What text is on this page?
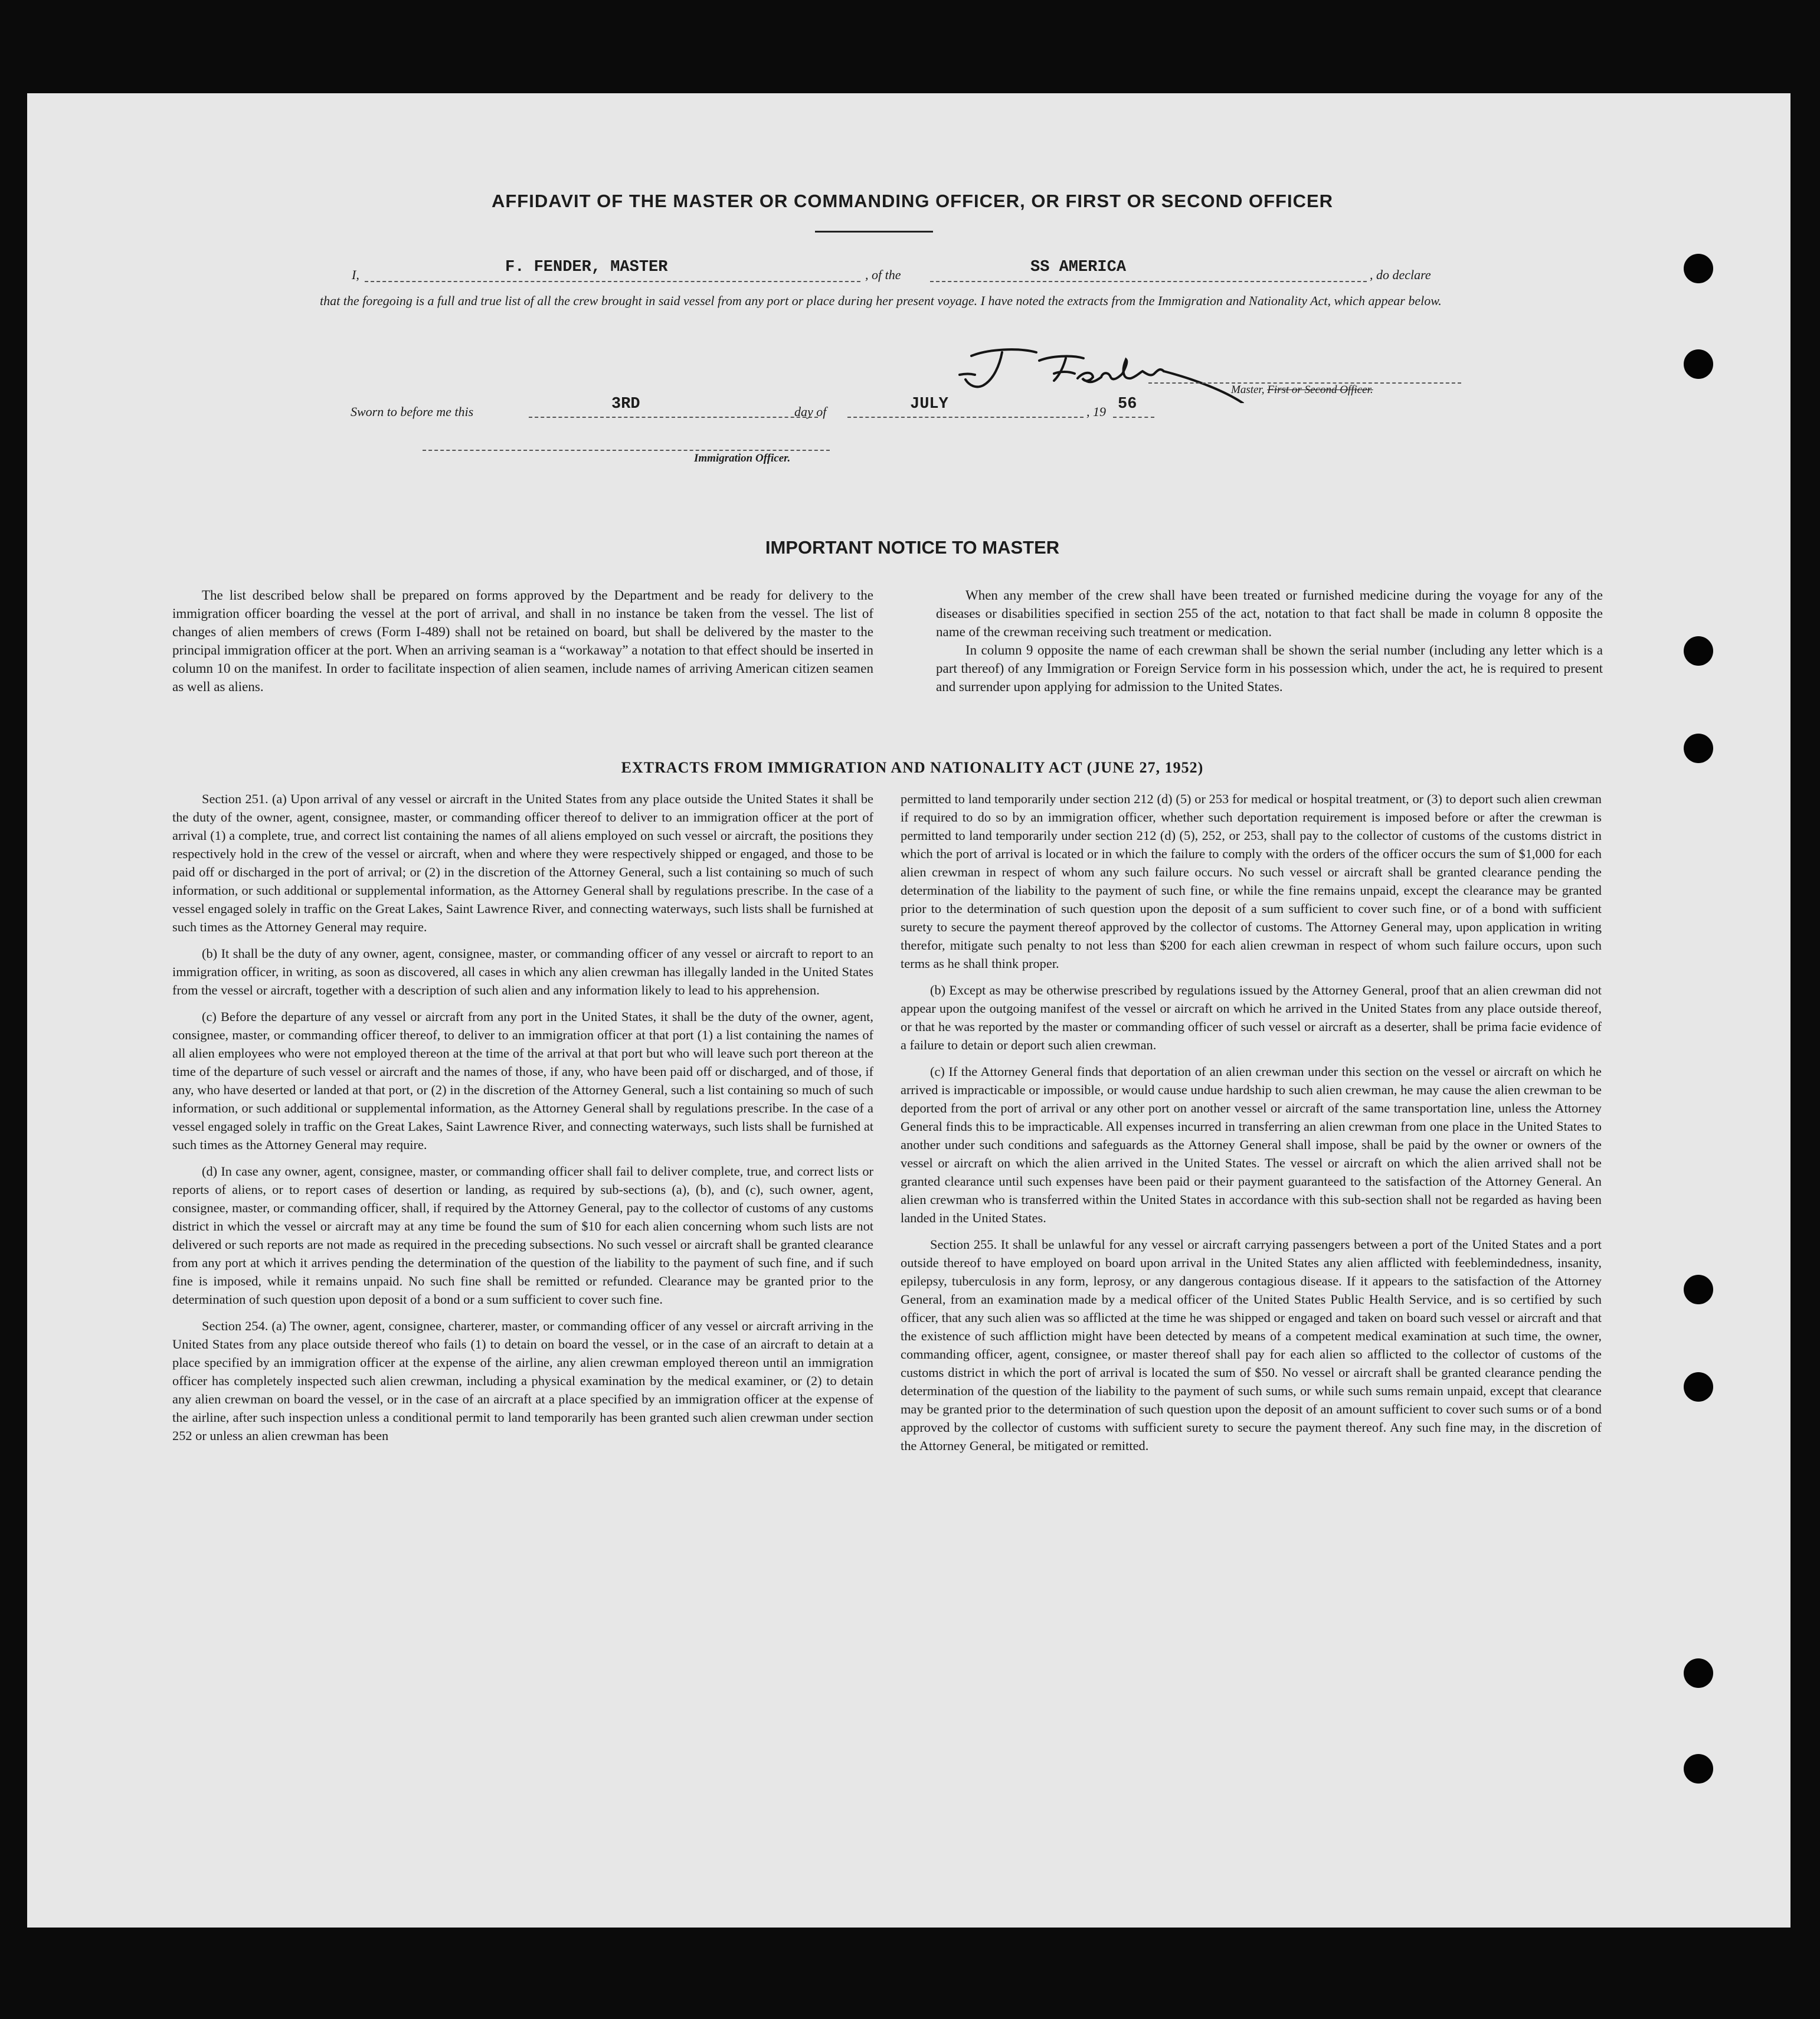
AFFIDAVIT OF THE MASTER OR COMMANDING OFFICER, OR FIRST OR SECOND OFFICER
I,	F. FENDER, MASTER	, of the	SS AMERICA	, do declare
that the foregoing is a full and true list of all the crew brought in said vessel from any port or place during her present voyage. I have noted the extracts from the Immigration and Nationality Act, which appear below.
Master, First or Second Officer.
Sworn to before me this	3RD	day of	JULY	, 19 56
Immigration Officer.
IMPORTANT NOTICE TO MASTER

The list described below shall be prepared on forms approved by the Department and be ready for delivery to the immigration officer boarding the vessel at the port of arrival, and shall in no instance be taken from the vessel. The list of changes of alien members of crews (Form I-489) shall not be retained on board, but shall be delivered by the master to the principal immigration officer at the port. When an arriving seaman is a “workaway” a notation to that effect should be inserted in column 10 on the manifest. In order to facilitate inspection of alien seamen, include names of arriving American citizen seamen as well as aliens.

When any member of the crew shall have been treated or furnished medicine during the voyage for any of the diseases or disabilities specified in section 255 of the act, notation to that fact shall be made in column 8 opposite the name of the crewman receiving such treatment or medication.

In column 9 opposite the name of each crewman shall be shown the serial number (including any letter which is a part thereof) of any Immigration or Foreign Service form in his possession which, under the act, he is required to present and surrender upon applying for admission to the United States.

EXTRACTS FROM IMMIGRATION AND NATIONALITY ACT (JUNE 27, 1952)

Section 251. (a) Upon arrival of any vessel or aircraft in the United States from any place outside the United States it shall be the duty of the owner, agent, consignee, master, or commanding officer thereof to deliver to an immigration officer at the port of arrival (1) a complete, true, and correct list containing the names of all aliens employed on such vessel or aircraft, the positions they respectively hold in the crew of the vessel or aircraft, when and where they were respectively shipped or engaged, and those to be paid off or discharged in the port of arrival; or (2) in the discretion of the Attorney General, such a list containing so much of such information, or such additional or supplemental information, as the Attorney General shall by regulations prescribe. In the case of a vessel engaged solely in traffic on the Great Lakes, Saint Lawrence River, and connecting waterways, such lists shall be furnished at such times as the Attorney General may require.

(b) It shall be the duty of any owner, agent, consignee, master, or commanding officer of any vessel or aircraft to report to an immigration officer, in writing, as soon as discovered, all cases in which any alien crewman has illegally landed in the United States from the vessel or aircraft, together with a description of such alien and any information likely to lead to his apprehension.

(c) Before the departure of any vessel or aircraft from any port in the United States, it shall be the duty of the owner, agent, consignee, master, or commanding officer thereof, to deliver to an immigration officer at that port (1) a list containing the names of all alien employees who were not employed thereon at the time of the arrival at that port but who will leave such port thereon at the time of the departure of such vessel or aircraft and the names of those, if any, who have been paid off or discharged, and of those, if any, who have deserted or landed at that port, or (2) in the discretion of the Attorney General, such a list containing so much of such information, or such additional or supplemental information, as the Attorney General shall by regulations prescribe. In the case of a vessel engaged solely in traffic on the Great Lakes, Saint Lawrence River, and connecting waterways, such lists shall be furnished at such times as the Attorney General may require.

(d) In case any owner, agent, consignee, master, or commanding officer shall fail to deliver complete, true, and correct lists or reports of aliens, or to report cases of desertion or landing, as required by sub-sections (a), (b), and (c), such owner, agent, consignee, master, or commanding officer, shall, if required by the Attorney General, pay to the collector of customs of any customs district in which the vessel or aircraft may at any time be found the sum of $10 for each alien concerning whom such lists are not delivered or such reports are not made as required in the preceding subsections. No such vessel or aircraft shall be granted clearance from any port at which it arrives pending the determination of the question of the liability to the payment of such fine, and if such fine is imposed, while it remains unpaid. No such fine shall be remitted or refunded. Clearance may be granted prior to the determination of such question upon deposit of a bond or a sum sufficient to cover such fine.

Section 254. (a) The owner, agent, consignee, charterer, master, or commanding officer of any vessel or aircraft arriving in the United States from any place outside thereof who fails (1) to detain on board the vessel, or in the case of an aircraft to detain at a place specified by an immigration officer at the expense of the airline, any alien crewman employed thereon until an immigration officer has completely inspected such alien crewman, including a physical examination by the medical examiner, or (2) to detain any alien crewman on board the vessel, or in the case of an aircraft at a place specified by an immigration officer at the expense of the airline, after such inspection unless a conditional permit to land temporarily has been granted such alien crewman under section 252 or unless an alien crewman has been

permitted to land temporarily under section 212 (d) (5) or 253 for medical or hospital treatment, or (3) to deport such alien crewman if required to do so by an immigration officer, whether such deportation requirement is imposed before or after the crewman is permitted to land temporarily under section 212 (d) (5), 252, or 253, shall pay to the collector of customs of the customs district in which the port of arrival is located or in which the failure to comply with the orders of the officer occurs the sum of $1,000 for each alien crewman in respect of whom any such failure occurs. No such vessel or aircraft shall be granted clearance pending the determination of the liability to the payment of such fine, or while the fine remains unpaid, except the clearance may be granted prior to the determination of such question upon the deposit of a sum sufficient to cover such fine, or of a bond with sufficient surety to secure the payment thereof approved by the collector of customs. The Attorney General may, upon application in writing therefor, mitigate such penalty to not less than $200 for each alien crewman in respect of whom such failure occurs, upon such terms as he shall think proper.

(b) Except as may be otherwise prescribed by regulations issued by the Attorney General, proof that an alien crewman did not appear upon the outgoing manifest of the vessel or aircraft on which he arrived in the United States from any place outside thereof, or that he was reported by the master or commanding officer of such vessel or aircraft as a deserter, shall be prima facie evidence of a failure to detain or deport such alien crewman.

(c) If the Attorney General finds that deportation of an alien crewman under this section on the vessel or aircraft on which he arrived is impracticable or impossible, or would cause undue hardship to such alien crewman, he may cause the alien crewman to be deported from the port of arrival or any other port on another vessel or aircraft of the same transportation line, unless the Attorney General finds this to be impracticable. All expenses incurred in transferring an alien crewman from one place in the United States to another under such conditions and safeguards as the Attorney General shall impose, shall be paid by the owner or owners of the vessel or aircraft on which the alien arrived in the United States. The vessel or aircraft on which the alien arrived shall not be granted clearance until such expenses have been paid or their payment guaranteed to the satisfaction of the Attorney General. An alien crewman who is transferred within the United States in accordance with this sub-section shall not be regarded as having been landed in the United States.

Section 255. It shall be unlawful for any vessel or aircraft carrying passengers between a port of the United States and a port outside thereof to have employed on board upon arrival in the United States any alien afflicted with feeblemindedness, insanity, epilepsy, tuberculosis in any form, leprosy, or any dangerous contagious disease. If it appears to the satisfaction of the Attorney General, from an examination made by a medical officer of the United States Public Health Service, and is so certified by such officer, that any such alien was so afflicted at the time he was shipped or engaged and taken on board such vessel or aircraft and that the existence of such affliction might have been detected by means of a competent medical examination at such time, the owner, commanding officer, agent, consignee, or master thereof shall pay for each alien so afflicted to the collector of customs of the customs district in which the port of arrival is located the sum of $50. No vessel or aircraft shall be granted clearance pending the determination of the question of the liability to the payment of such sums, or while such sums remain unpaid, except that clearance may be granted prior to the determination of such question upon the deposit of an amount sufficient to cover such sums or of a bond approved by the collector of customs with sufficient surety to secure the payment thereof. Any such fine may, in the discretion of the Attorney General, be mitigated or remitted.
